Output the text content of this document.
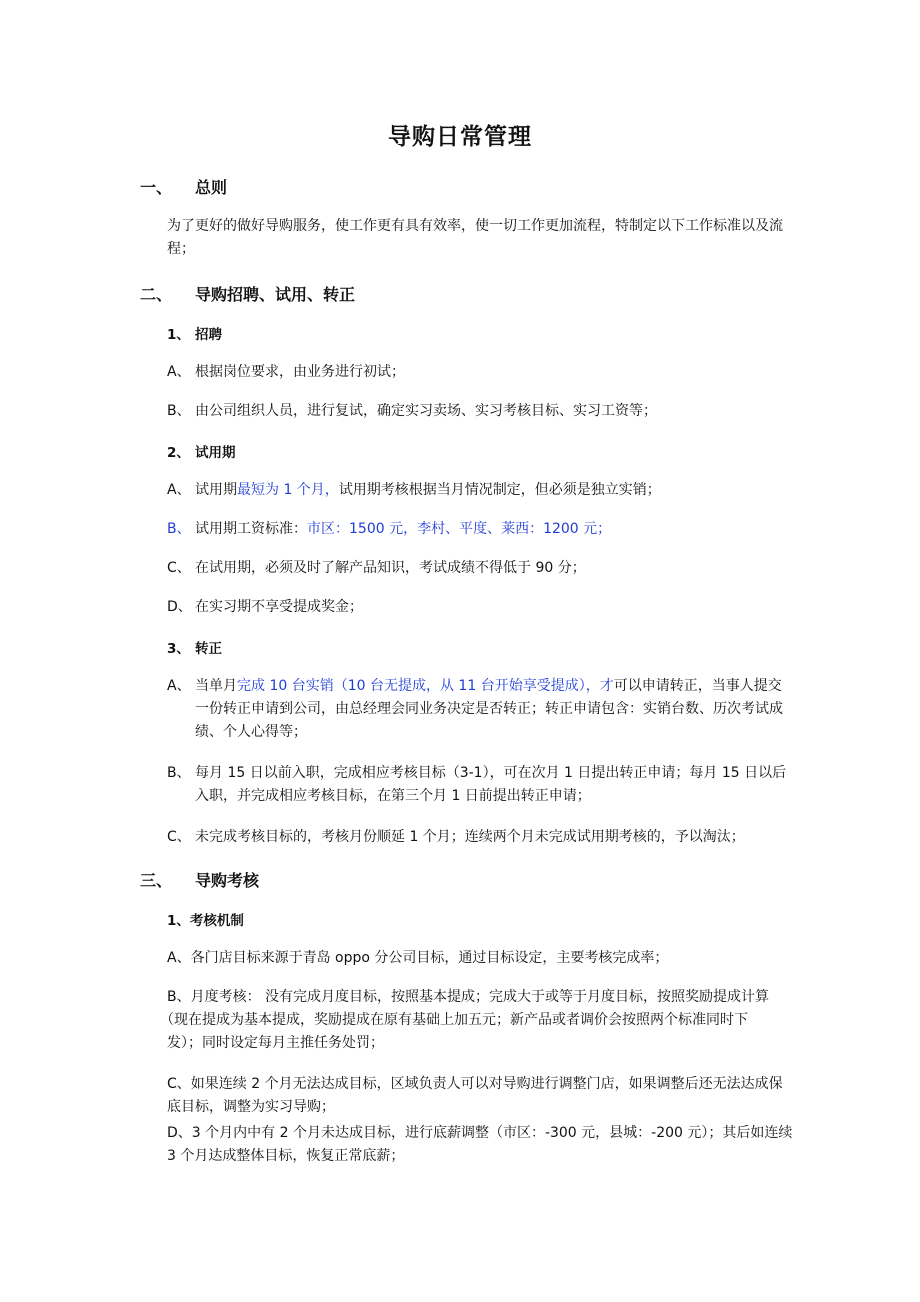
导购日常管理
一、 总则
为了更好的做好导购服务，使工作更有具有效率，使一切工作更加流程，特制定以下工作标准以及流
程；
二、 导购招聘、试用、转正
1、 招聘
A、 根据岗位要求，由业务进行初试；
B、 由公司组织人员，进行复试，确定实习卖场、实习考核目标、实习工资等；
2、 试用期
A、 试用期最短为 1 个月，试用期考核根据当月情况制定，但必须是独立实销；
B、 试用期工资标准：市区：1500 元，李村、平度、莱西：1200 元；
C、 在试用期，必须及时了解产品知识，考试成绩不得低于 90 分；
D、 在实习期不享受提成奖金；
3、 转正
A、 当单月完成 10 台实销（10 台无提成，从 11 台开始享受提成），才可以申请转正，当事人提交
一份转正申请到公司，由总经理会同业务决定是否转正；转正申请包含：实销台数、历次考试成
绩、个人心得等；
B、 每月 15 日以前入职，完成相应考核目标（3-1），可在次月 1 日提出转正申请；每月 15 日以后
入职，并完成相应考核目标，在第三个月 1 日前提出转正申请；
C、 未完成考核目标的，考核月份顺延 1 个月；连续两个月未完成试用期考核的，予以淘汰；
三、 导购考核
1、考核机制
A、各门店目标来源于青岛 oppo 分公司目标，通过目标设定，主要考核完成率；
B、月度考核： 没有完成月度目标，按照基本提成；完成大于或等于月度目标，按照奖励提成计算
（现在提成为基本提成，奖励提成在原有基础上加五元；新产品或者调价会按照两个标准同时下
发）；同时设定每月主推任务处罚；
C、如果连续 2 个月无法达成目标，区域负责人可以对导购进行调整门店，如果调整后还无法达成保
底目标，调整为实习导购；
D、3 个月内中有 2 个月未达成目标，进行底薪调整（市区：-300 元，县城：-200 元）；其后如连续
3 个月达成整体目标，恢复正常底薪；
